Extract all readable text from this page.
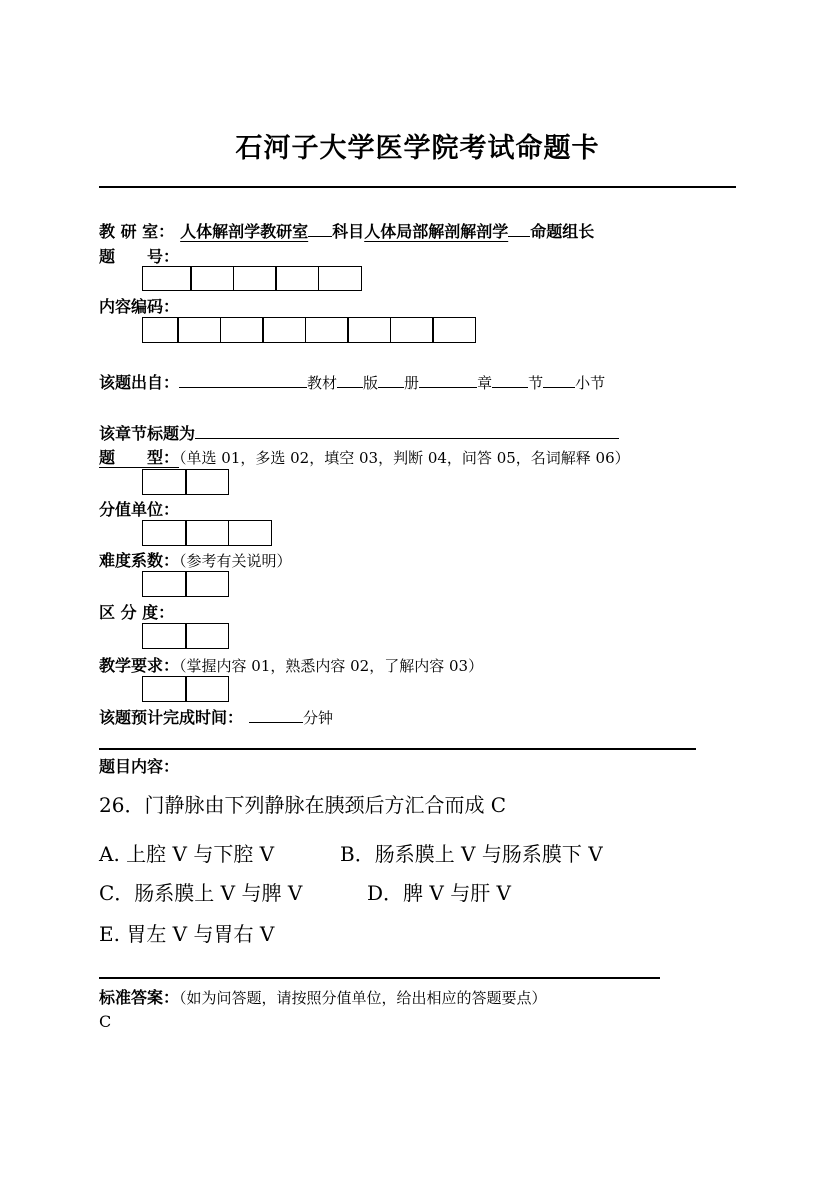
石河子大学医学院考试命题卡
教 研 室： 人体解剖学教研室 科目人体局部解剖解剖学 命题组长
题　　号：
内容编码：
该题出自：	教材 版 册	章 节 小节
该章节标题为
题　　型：（单选 01，多选 02，填空 03，判断 04，问答 05，名词解释 06）
分值单位：
难度系数：（参考有关说明）
区 分 度：
教学要求：（掌握内容 01，熟悉内容 02，了解内容 03）
该题预计完成时间：	分钟
题目内容：
26．门静脉由下列静脉在胰颈后方汇合而成 C
A. 上腔 V 与下腔 V	B．肠系膜上 V 与肠系膜下 V
C．肠系膜上 V 与脾 V	D．脾 V 与肝 V
E. 胃左 V 与胃右 V
标准答案：（如为问答题，请按照分值单位，给出相应的答题要点）
C
